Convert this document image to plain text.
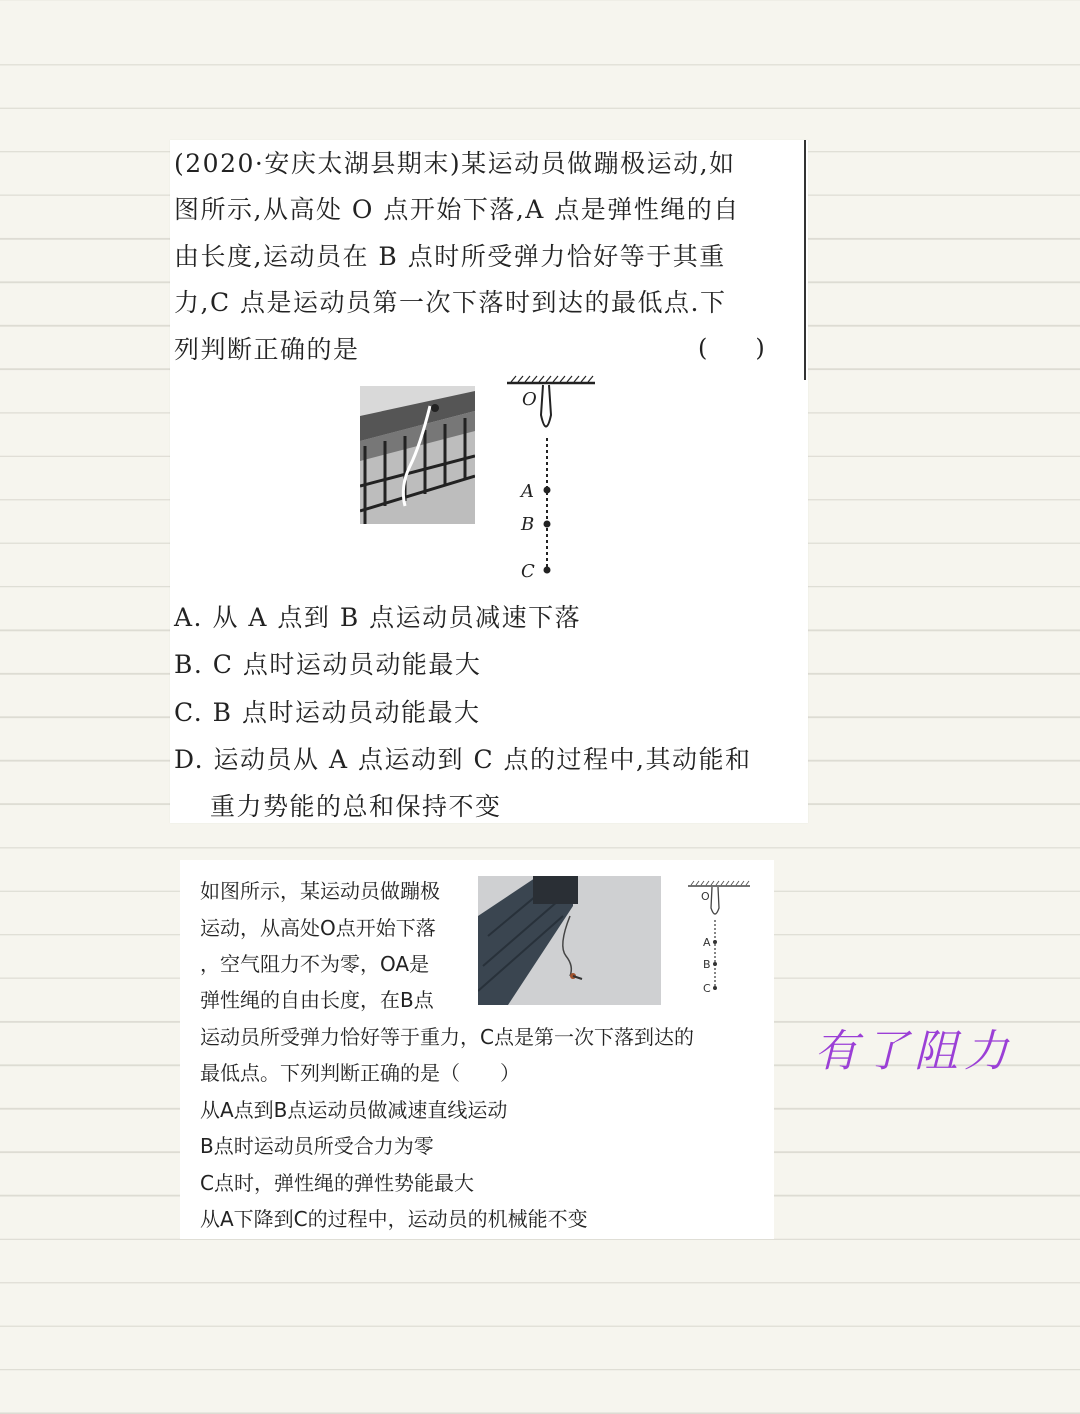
(2020·安庆太湖县期末)某运动员做蹦极运动,如
图所示,从高处 O 点开始下落,A 点是弹性绳的自
由长度,运动员在 B 点时所受弹力恰好等于其重
力,C 点是运动员第一次下落时到达的最低点.下
列判断正确的是	(　　)
O
A
B
C
A. 从 A 点到 B 点运动员减速下落
B. C 点时运动员动能最大
C. B 点时运动员动能最大
D. 运动员从 A 点运动到 C 点的过程中,其动能和
　 重力势能的总和保持不变
如图所示，某运动员做蹦极
运动，从高处O点开始下落
，空气阻力不为零，OA是
弹性绳的自由长度，在B点
运动员所受弹力恰好等于重力，C点是第一次下落到达的
最低点。下列判断正确的是（　　）
从A点到B点运动员做减速直线运动
B点时运动员所受合力为零
C点时，弹性绳的弹性势能最大
从A下降到C的过程中，运动员的机械能不变
O
A
B
C
有了阻力
